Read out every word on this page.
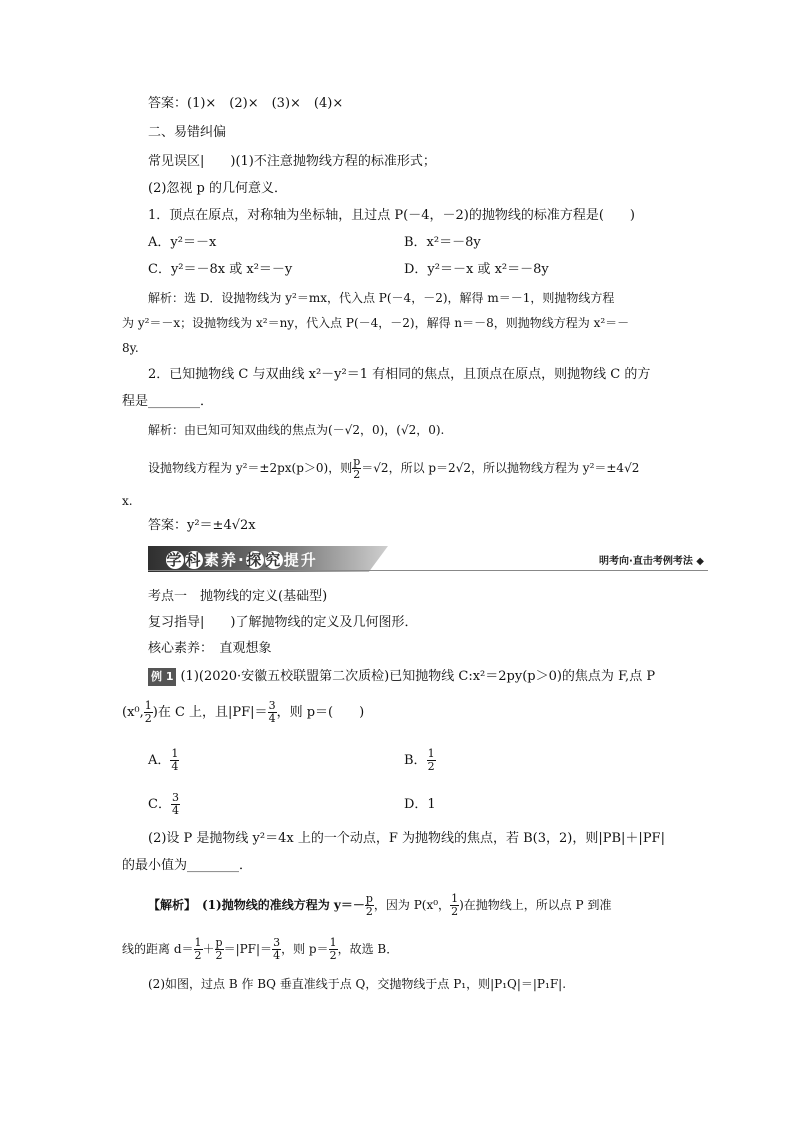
答案：(1)×　(2)×　(3)×　(4)×
二、易错纠偏
常见误区|　　)(1)不注意抛物线方程的标准形式；
(2)忽视 p 的几何意义．
1．顶点在原点，对称轴为坐标轴，且过点 P(－4，－2)的抛物线的标准方程是(　　)
A．y²＝－x	B．x²＝－8y
C．y²＝－8x 或 x²＝－y	D．y²＝－x 或 x²＝－8y
解析：选 D．设抛物线为 y²＝mx，代入点 P(－4，－2)，解得 m＝－1，则抛物线方程
为 y²＝－x；设抛物线为 x²＝ny，代入点 P(－4，－2)，解得 n＝－8，则抛物线方程为 x²＝－
8y.
2．已知抛物线 C 与双曲线 x²－y²＝1 有相同的焦点，且顶点在原点，则抛物线 C 的方
程是________．
解析：由已知可知双曲线的焦点为(－√2，0)，(√2，0).
设抛物线方程为 y²＝±2px(p＞0)，则 $\frac{p}{2} =√2$，所以 p＝2√2，所以抛物线方程为 y²＝±4√2
x.
答案：y²＝±4√2x
学 科 素养·探 究 提升	明考向·直击考例考法 ◆
考点一　抛物线的定义(基础型)
复习指导|　　)了解抛物线的定义及几何图形．
核心素养：　直观想象
例 1 (1)(2020·安徽五校联盟第二次质检)已知抛物线 C:x²＝2py(p＞0)的焦点为 F,点 P
(x⁰, $\frac{1}{2}$ )在 C 上，且$|PF|= \frac{3}{4}$ ，则 p＝(　　)
A． $\frac{1}{4}$	B． $\frac{1}{2}$
C． $\frac{3}{4}$	D．1
(2)设 P 是抛物线 y²＝4x 上的一个动点，F 为抛物线的焦点，若 B(3，2)，则|PB|＋|PF|
的最小值为________．
【解析】　(1)抛物线的准线方程为 $y=- \frac{p}{2}$ ，因为 P(x⁰， $\frac{1}{2}$ )在抛物线上，所以点 P 到准
线的距离 $d= \frac{1}{2} + \frac{p}{2} =|PF|= \frac{3}{4}$ ，则 $p= \frac{1}{2}$ ，故选 B．
(2)如图，过点 B 作 BQ 垂直准线于点 Q，交抛物线于点 P₁，则|P₁Q|＝|P₁F|.
